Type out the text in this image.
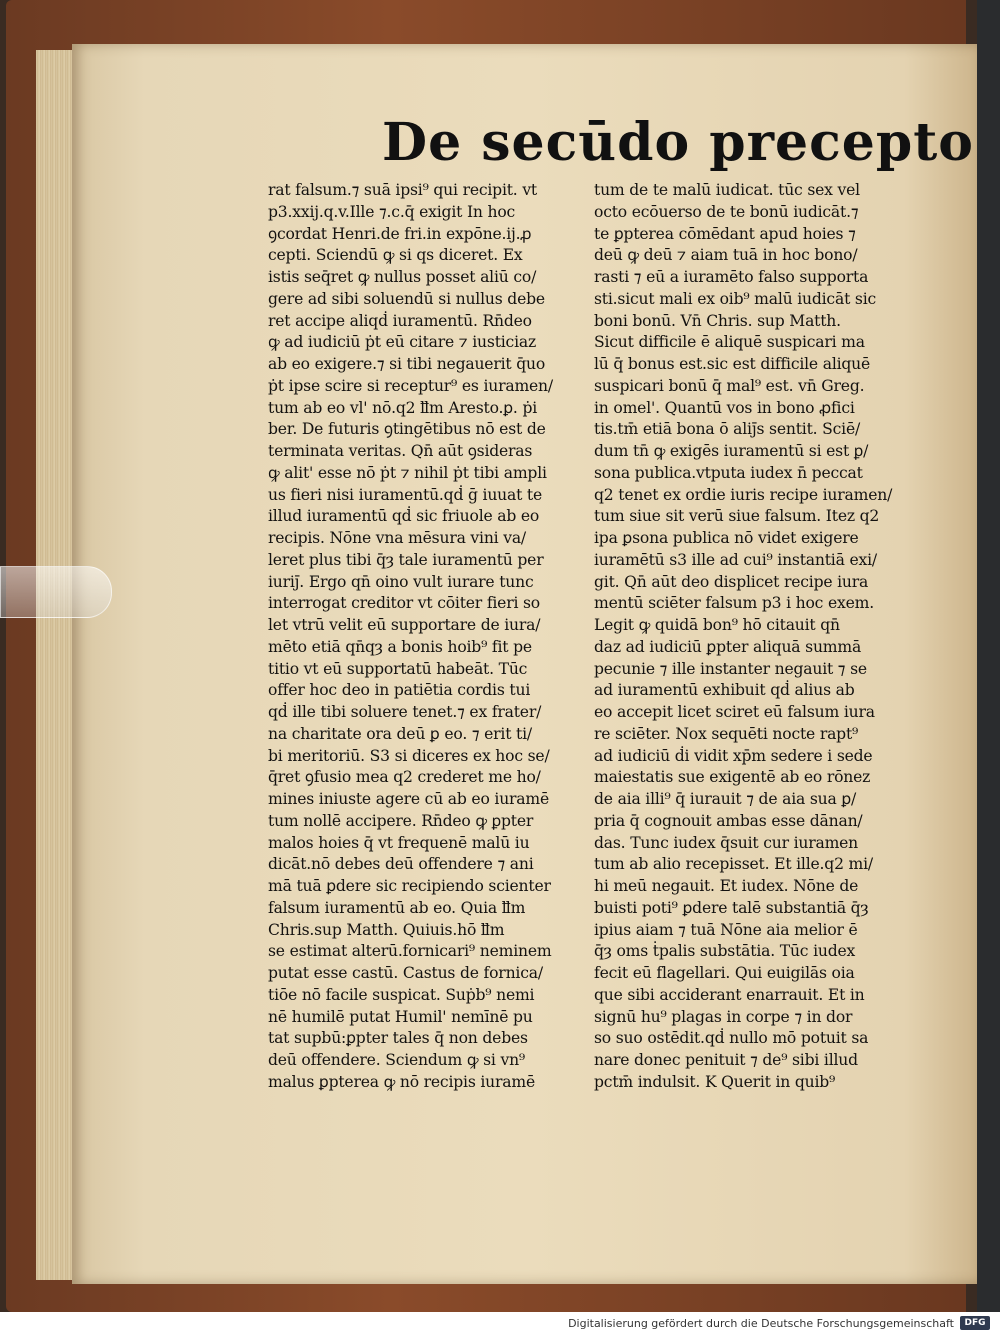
De secūdo precepto
rat falsum.⁊ suā ipsi⁹ qui recipit. vt
p3.xxij.q.v.Ille ⁊.c.q̄ exigit In hoc
ꝯcordat Henri.de fri.in expōne.ij.ꝓ
cepti. Sciendū ꝙ si qs diceret. Ex
istis seq̄ret ꝙ nullus posset aliū co/
gere ad sibi soluendū si nullus debe
ret accipe aliqḋ iuramentū. Rn̄deo
ꝙ ad iudiciū ṗt eū citare ⁊ iusticiaz
ab eo exigere.⁊ si tibi negauerit q̄uo
ṗt ipse scire si receptur⁹ es iuramen/
tum ab eo vl' nō.q2 ỻm Aresto.ꝑ. ṗi
ber. De futuris ꝯtingētibus nō est de
terminata veritas. Qn̄ aūt ꝯsideras
ꝙ alit' esse nō ṗt ⁊ nihil ṗt tibi ampli
us fieri nisi iuramentū.qḋ ḡ iuuat te
illud iuramentū qḋ sic friuole ab eo
recipis. Nōne vna mēsura vini va/
leret plus tibi q̄ȝ tale iuramentū per
iuriȷ̄. Ergo qn̄ oino vult iurare tunc
interrogat creditor vt cōiter fieri so
let vtrū velit eū supportare de iura/
mēto etiā qn̄qȝ a bonis hoib⁹ fit pe
titio vt eū supportatū habeāt. Tūc
offer hoc deo in patiētia cordis tui
qḋ ille tibi soluere tenet.⁊ ex frater/
na charitate ora deū ꝑ eo. ⁊ erit ti/
bi meritoriū. S3 si diceres ex hoc se/
q̄ret ꝯfusio mea q2 crederet me ho/
mines iniuste agere cū ab eo iuramē
tum nollē accipere. Rn̄deo ꝙ ꝑpter
malos hoies q̄ vt frequenē malū iu
dicāt.nō debes deū offendere ⁊ ani
mā tuā ꝑdere sic recipiendo scienter
falsum iuramentū ab eo. Quia ỻm
Chris.sup Matth. Quiuis.hō ỻm
se estimat alterū.fornicari⁹ neminem
putat esse castū. Castus de fornica/
tiōe nō facile suspicat. Suṗb⁹ nemi
nē humilē putat Humil' nemīnē pu
tat supbū:ꝑpter tales q̄ non debes
deū offendere. Sciendum ꝙ si vn⁹
malus ꝑpterea ꝙ nō recipis iuramē
tum de te malū iudicat. tūc sex vel
octo ecōuerso de te bonū iudicāt.⁊
te ꝑpterea cōmēdant apud hoies ⁊
deū ꝙ deū ⁊ aiam tuā in hoc bono/
rasti ⁊ eū a iuramēto falso supporta
sti.sicut mali ex oib⁹ malū iudicāt sic
boni bonū. Vn̄ Chris. sup Matth.
Sicut difficile ē aliquē suspicari ma
lū q̄ bonus est.sic est difficile aliquē
suspicari bonū q̄ mal⁹ est. vn̄ Greg.
in omel'. Quantū vos in bono ꝓfici
tis.tm̄ etiā bona ō aliȷ̄s sentit. Sciē/
dum tn̄ ꝙ exigēs iuramentū si est ꝑ/
sona publica.vtputa iudex n̄ peccat
q2 tenet ex ordie iuris recipe iuramen/
tum siue sit verū siue falsum. Itez q2
ipa ꝑsona publica nō videt exigere
iuramētū s3 ille ad cui⁹ instantiā exi/
git. Qn̄ aūt deo displicet recipe iura
mentū sciēter falsum p3 i hoc exem.
Legit ꝙ quidā bon⁹ hō citauit qn̄
daz ad iudiciū ꝑpter aliquā summā
pecunie ⁊ ille instanter negauit ⁊ se
ad iuramentū exhibuit qḋ alius ab
eo accepit licet sciret eū falsum iura
re sciēter. Nox sequēti nocte rapt⁹
ad iudiciū ḋi vidit xp̄m sedere i sede
maiestatis sue exigentē ab eo rōnez
de aia illi⁹ q̄ iurauit ⁊ de aia sua ꝑ/
pria q̄ cognouit ambas esse dānan/
das. Tunc iudex q̄suit cur iuramen
tum ab alio recepisset. Et ille.q2 mi/
hi meū negauit. Et iudex. Nōne de
buisti poti⁹ ꝑdere talē substantiā q̄ȝ
ipius aiam ⁊ tuā Nōne aia melior ē
q̄ȝ oms ṫpalis substātia. Tūc iudex
fecit eū flagellari. Qui euigilās oia
que sibi acciderant enarrauit. Et in
signū hu⁹ plagas in corpe ⁊ in dor
so suo ostēdit.qḋ nullo mō potuit sa
nare donec penituit ⁊ de⁹ sibi illud
pctm̄ indulsit. K Querit in quib⁹
Digitalisierung gefördert durch die Deutsche Forschungsgemeinschaft	DFG
